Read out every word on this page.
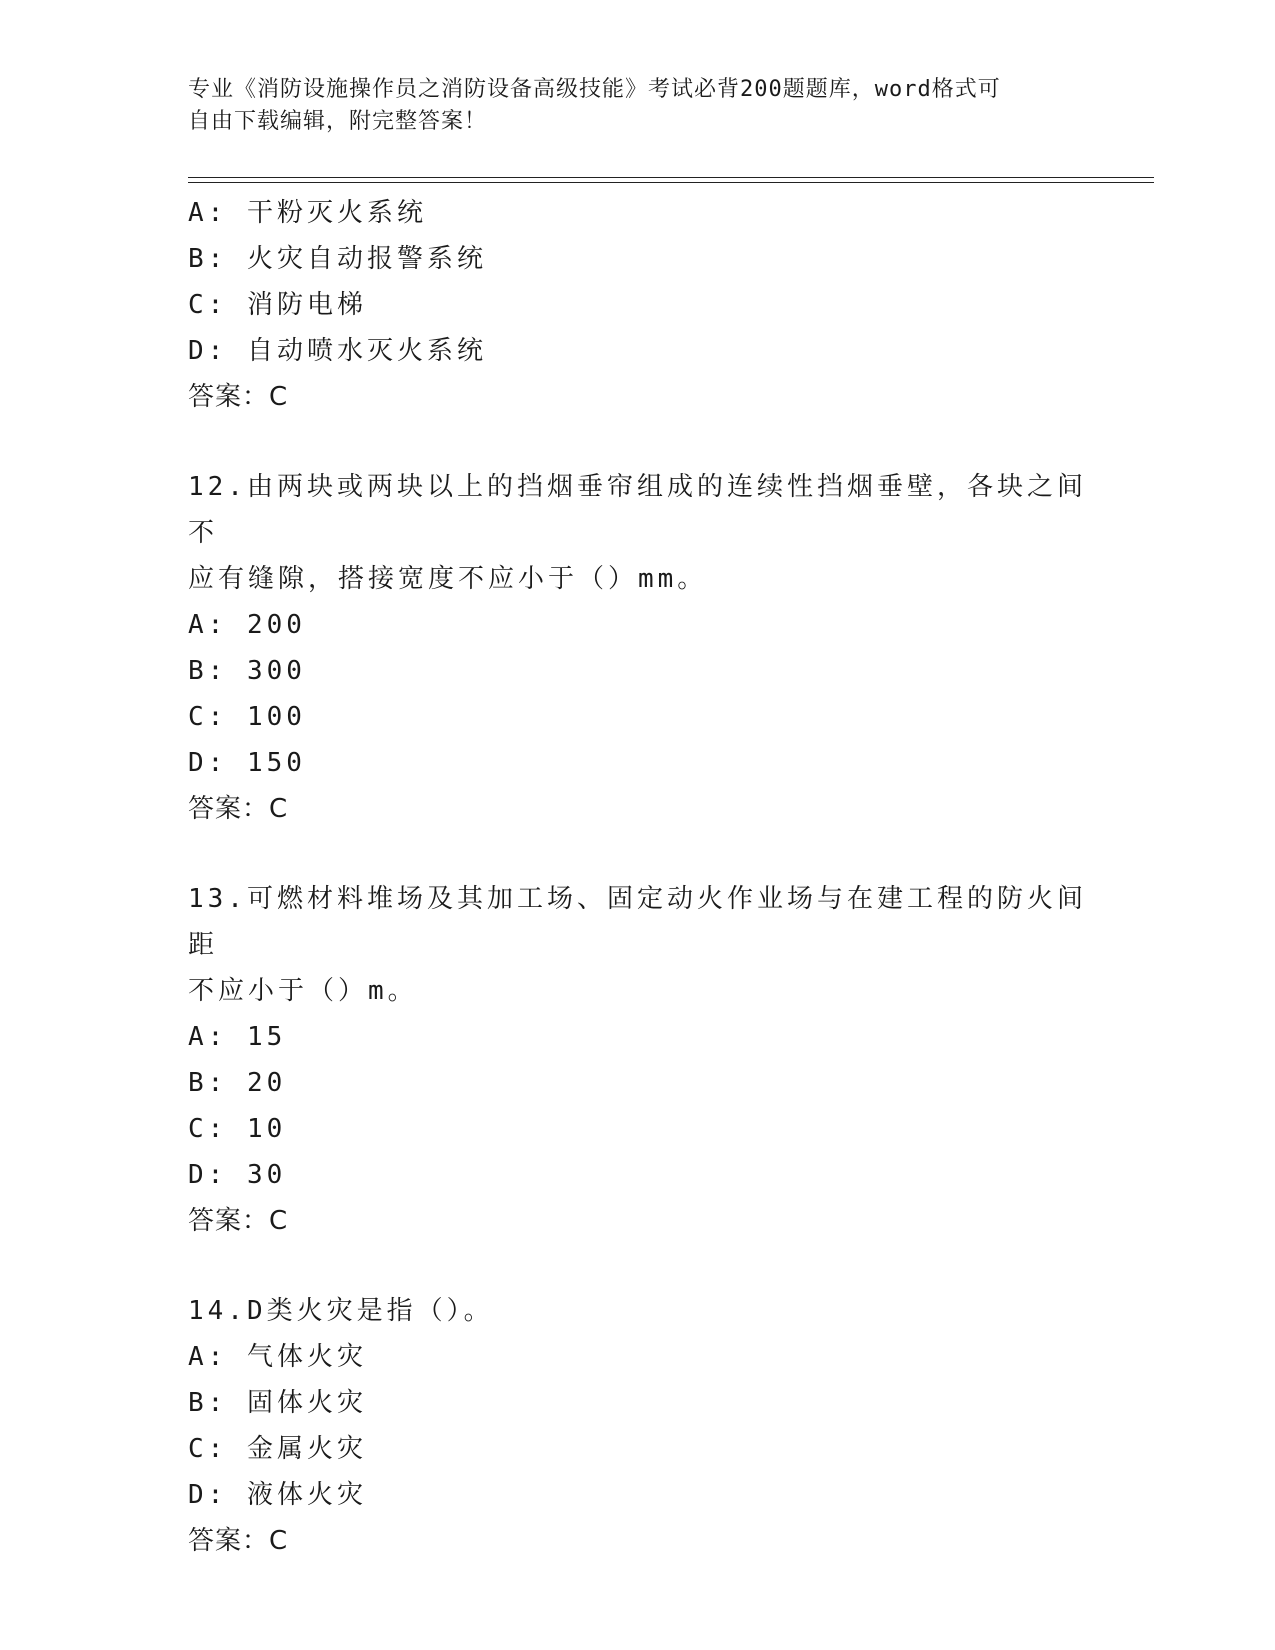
专业《消防设施操作员之消防设备高级技能》考试必背200题题库，word格式可
自由下载编辑，附完整答案！
A: 干粉灭火系统
B: 火灾自动报警系统
C: 消防电梯
D: 自动喷水灭火系统
答案：C
12.由两块或两块以上的挡烟垂帘组成的连续性挡烟垂壁，各块之间不
应有缝隙，搭接宽度不应小于（）mm。
A: 200
B: 300
C: 100
D: 150
答案：C
13.可燃材料堆场及其加工场、固定动火作业场与在建工程的防火间距
不应小于（）m。
A: 15
B: 20
C: 10
D: 30
答案：C
14.D类火灾是指（）。
A: 气体火灾
B: 固体火灾
C: 金属火灾
D: 液体火灾
答案：C
